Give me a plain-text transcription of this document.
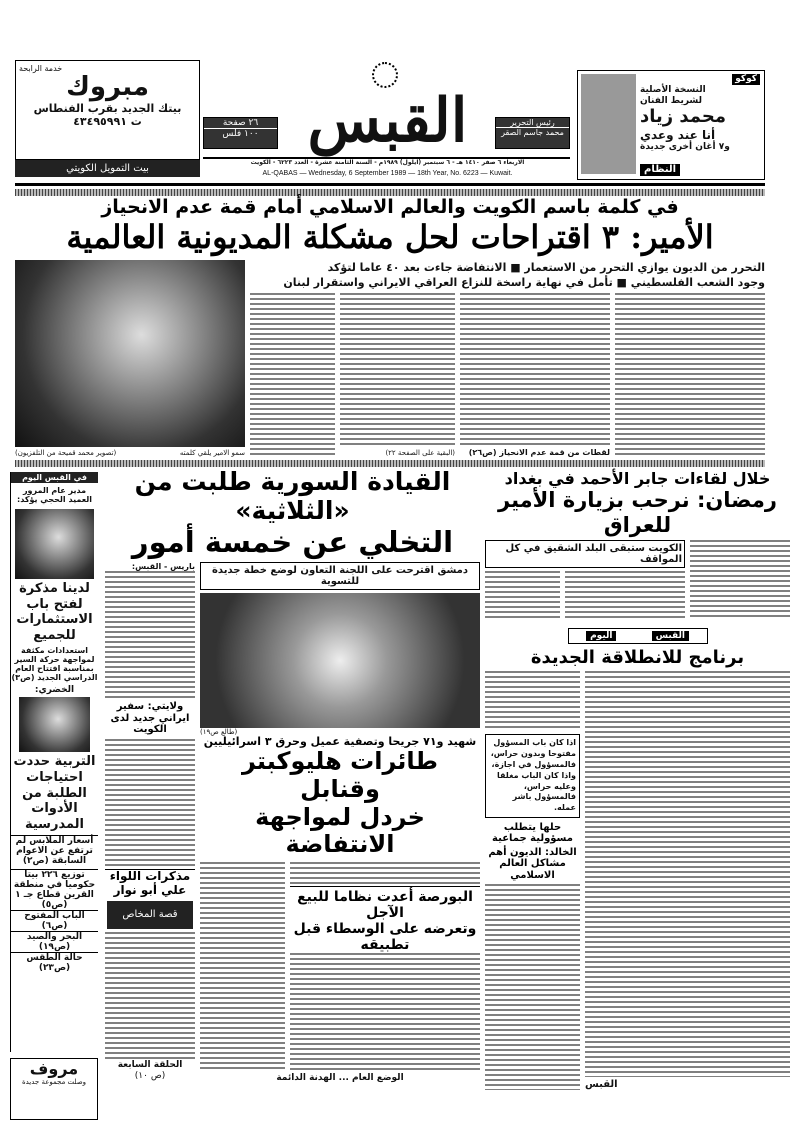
خدمة الرابحة
مبروك
بيتك الجديد بقرب الفنطاس
ت ٤٣٤٩٥٩٩١
بيت التمويل الكويتي
٢٦ صفحة
١٠٠ فلس القبس	رئيس التحرير
محمد جاسم الصقر
الاربعاء ٦ صفر ١٤١٠ هـ - ٦ سبتمبر (ايلول) ١٩٨٩م - السنة الثامنة عشرة - العدد ٦٢٢٣ - الكويت
AL-QABAS — Wednesday, 6 September 1989 — 18th Year, No. 6223 — Kuwait.
كوكو
النسخة الأصلية
لشريط الفنان
محمد زياد
أنا عند وعدي
و٧ أغان أخرى جديدة
النظام
في كلمة باسم الكويت والعالم الاسلامي أمام قمة عدم الانحياز
الأمير: ٣ اقتراحات لحل مشكلة المديونية العالمية
التحرر من الديون يوازي التحرر من الاستعمار ■ الانتفاضة جاءت بعد ٤٠ عاما لتؤكد
وجود الشعب الفلسطيني ■ تأمل في نهاية راسخة للنزاع العراقي الايراني واستقرار لبنان
لقطات من قمة عدم الانحياز (ص٢٦)
(البقية على الصفحة ٢٢)
سمو الامير يلقي كلمته
(تصوير محمد قميحة من التلفزيون)
في القبس اليوم
مدير عام المرور العميد الحجي يؤكد:
لدينا مذكرة لفتح باب الاستثمارات للجميع
استعدادات مكثفة لمواجهة حركة السير بمناسبة افتتاح العام الدراسي الجديد (ص٣)
الخضري:
التربية حددت احتياجات الطلبة من الأدوات المدرسية
أسعار الملابس لم ترتفع عن الاعوام السابقة (ص٢)
توزيع ٢٢٦ بيتا حكوميا في منطقة القرين قطاع جـ ١ (ص٥)
الباب المفتوح (ص٦)
البحر والصيد (ص١٩)
حالة الطقس (ص٢٣)
مروف
وصلت مجموعة جديدة
القيادة السورية طلبت من «الثلاثية»
التخلي عن خمسة أمور
دمشق اقترحت على اللجنة التعاون لوضع خطة جديدة للتسوية
(طالع ص١٩)
شهيد و٧١ جريحا وتصفية عميل وحرق ٣ اسرائيليين
طائرات هليوكبتر وقنابل
خردل لمواجهة الانتفاضة
البورصة أعدت نظاما للبيع الآجل
وتعرضه على الوسطاء قبل تطبيقه
الوضع العام ... الهدنة الدائمة
باريس - القبس:
ولايتي: سفير ايراني جديد لدى الكويت
مذكرات اللواء علي أبو نوار
قصة المخاص
الحلقة السابعة
(ص ١٠)
خلال لقاءات جابر الأحمد في بغداد
رمضان: نرحب بزيارة الأمير للعراق
الكويت ستبقى البلد الشقيق في كل المواقف
القبس
اليوم
برنامج للانطلاقة الجديدة
القبس
اذا كان باب المسؤول مفتوحا وبدون حراس، فالمسؤول في اجازة، واذا كان الباب مغلقا وعليه حراس، فالمسؤول باشر عمله.
حلها يتطلب مسؤولية جماعية
الخالد: الديون أهم مشاكل العالم الاسلامي
